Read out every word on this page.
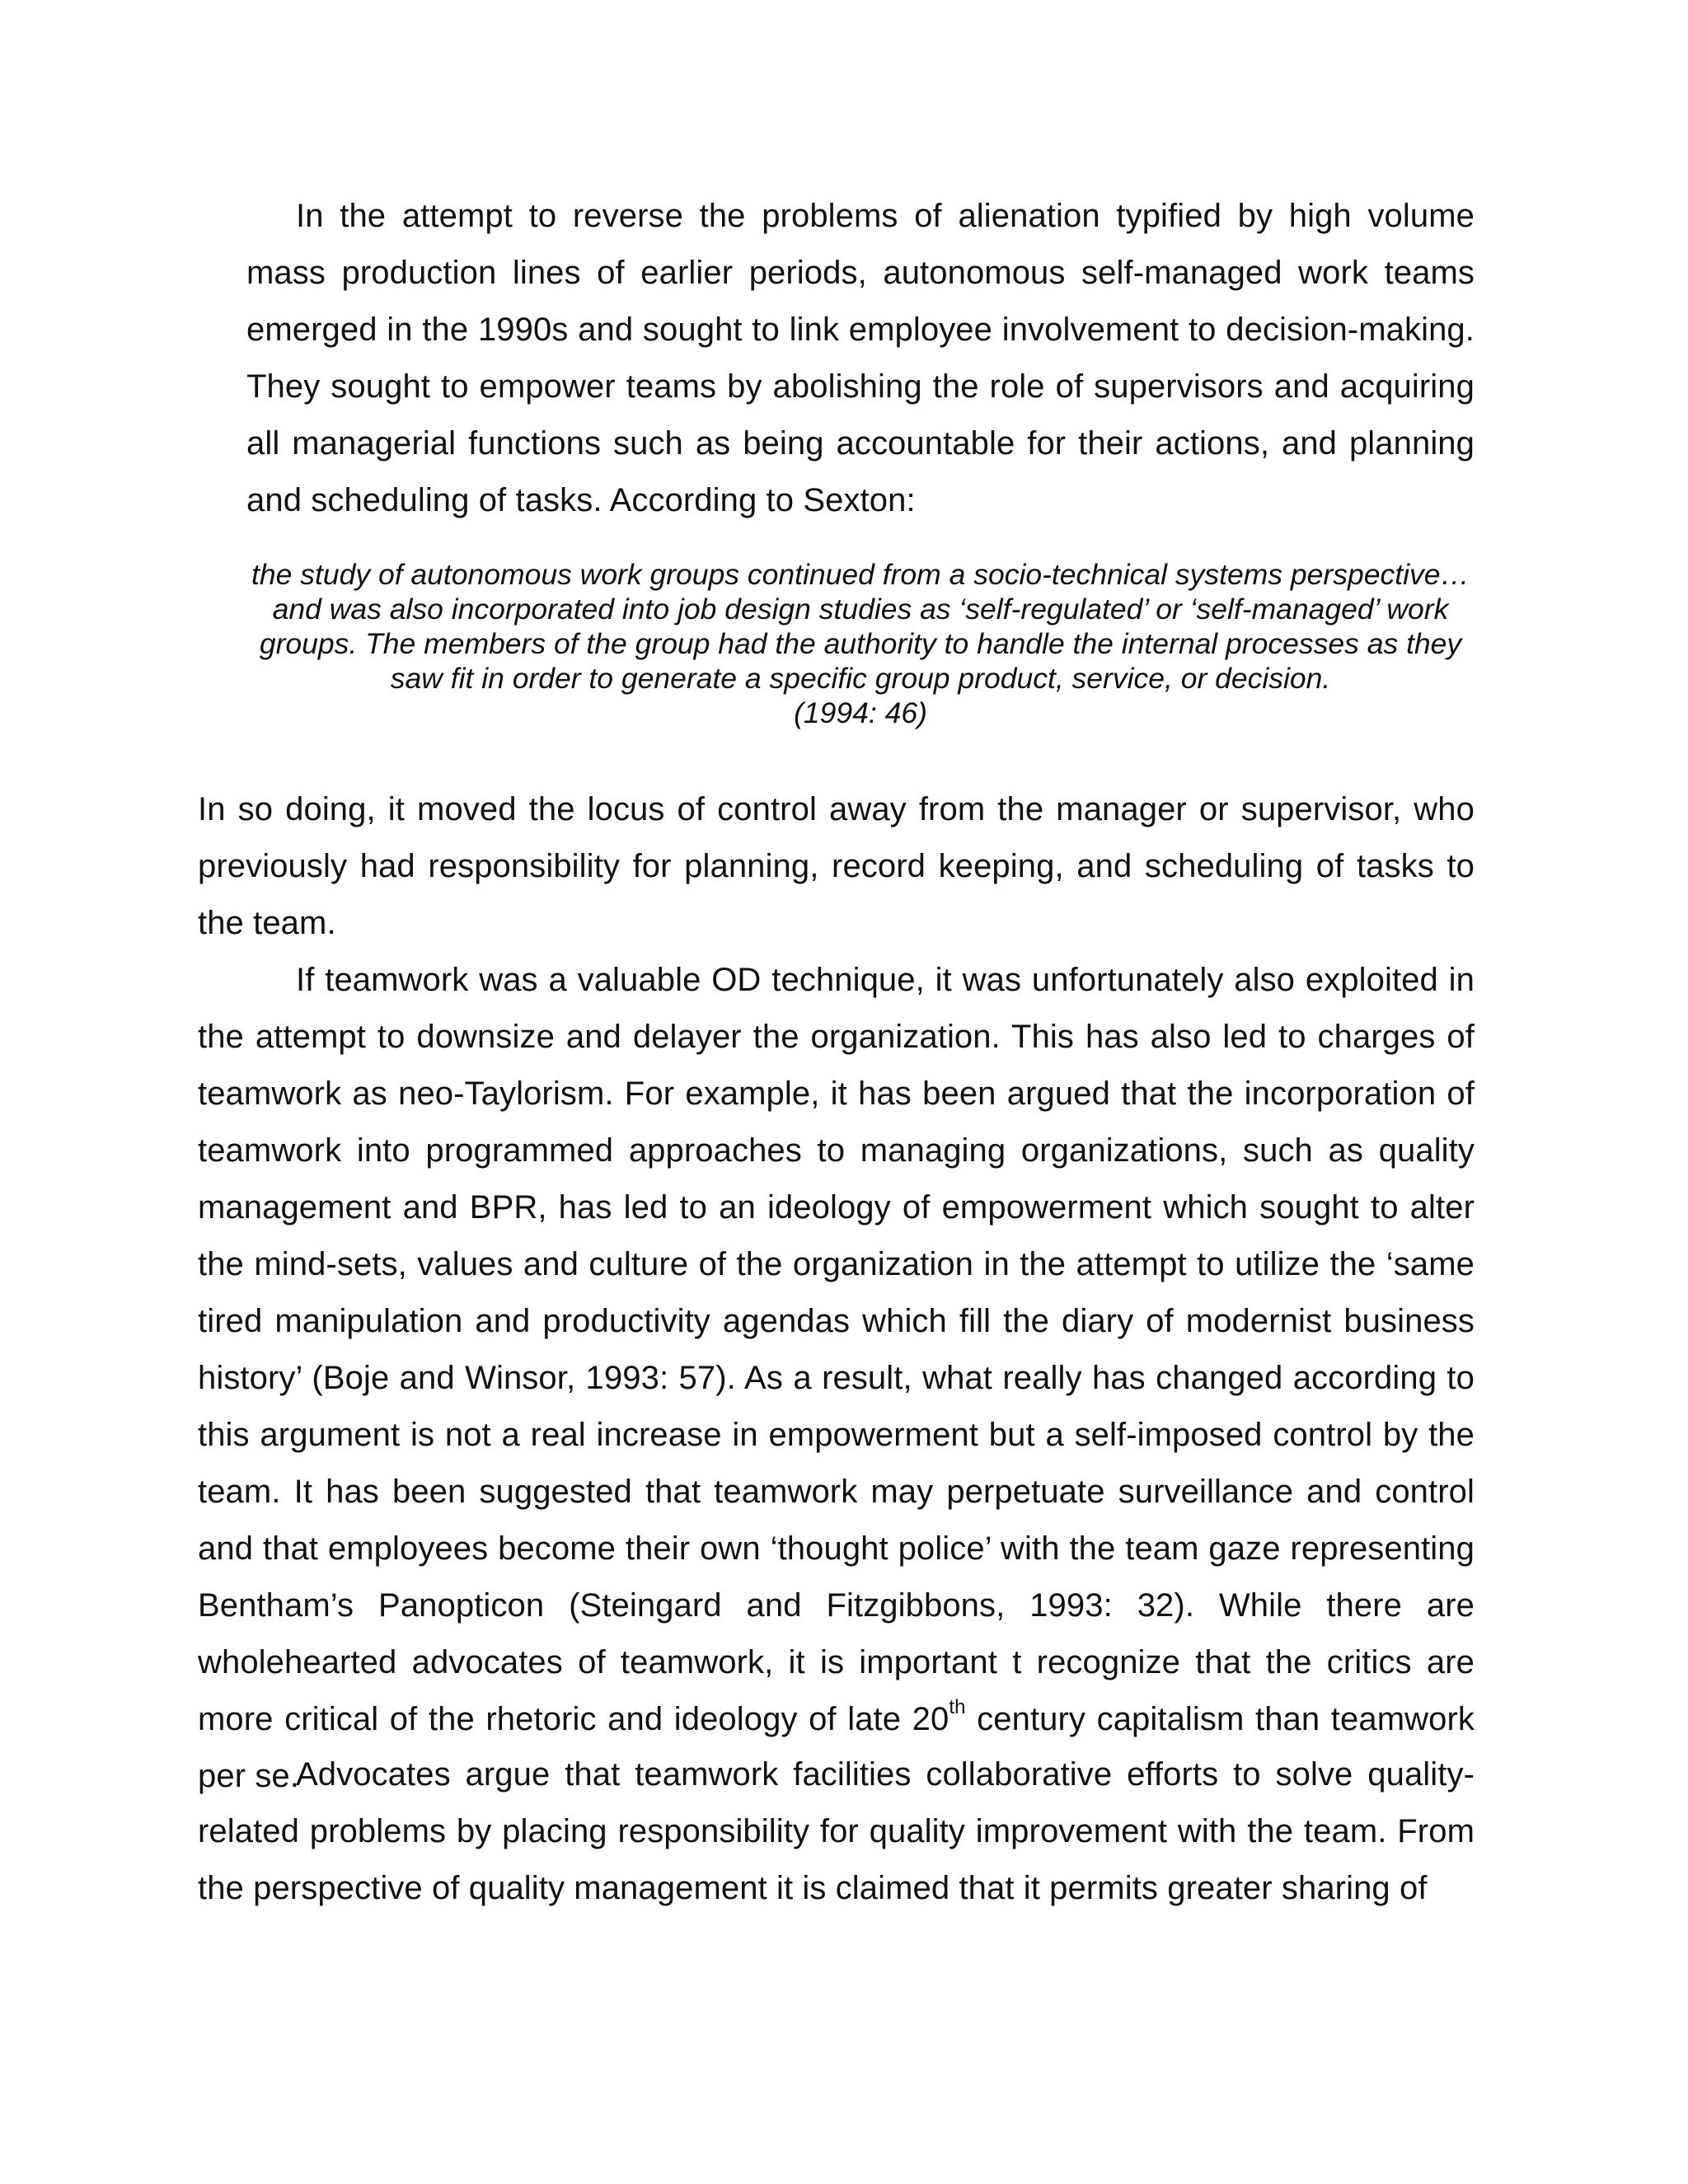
In the attempt to reverse the problems of alienation typified by high volume mass production lines of earlier periods, autonomous self-managed work teams emerged in the 1990s and sought to link employee involvement to decision-making. They sought to empower teams by abolishing the role of supervisors and acquiring all managerial functions such as being accountable for their actions, and planning and scheduling of tasks. According to Sexton:

the study of autonomous work groups continued from a socio-technical systems perspective… and was also incorporated into job design studies as ‘self-regulated’ or ‘self-managed’ work groups. The members of the group had the authority to handle the internal processes as they saw fit in order to generate a specific group product, service, or decision.
(1994: 46)

In so doing, it moved the locus of control away from the manager or supervisor, who previously had responsibility for planning, record keeping, and scheduling of tasks to the team.

If teamwork was a valuable OD technique, it was unfortunately also exploited in the attempt to downsize and delayer the organization. This has also led to charges of teamwork as neo-Taylorism. For example, it has been argued that the incorporation of teamwork into programmed approaches to managing organizations, such as quality management and BPR, has led to an ideology of empowerment which sought to alter the mind-sets, values and culture of the organization in the attempt to utilize the ‘same tired manipulation and productivity agendas which fill the diary of modernist business history’ (Boje and Winsor, 1993: 57). As a result, what really has changed according to this argument is not a real increase in empowerment but a self-imposed control by the team. It has been suggested that teamwork may perpetuate surveillance and control and that employees become their own ‘thought police’ with the team gaze representing Bentham’s Panopticon (Steingard and Fitzgibbons, 1993: 32). While there are wholehearted advocates of teamwork, it is important t recognize that the critics are more critical of the rhetoric and ideology of late 20th century capitalism than teamwork per se.

Advocates argue that teamwork facilities collaborative efforts to solve quality-related problems by placing responsibility for quality improvement with the team. From the perspective of quality management it is claimed that it permits greater sharing of
